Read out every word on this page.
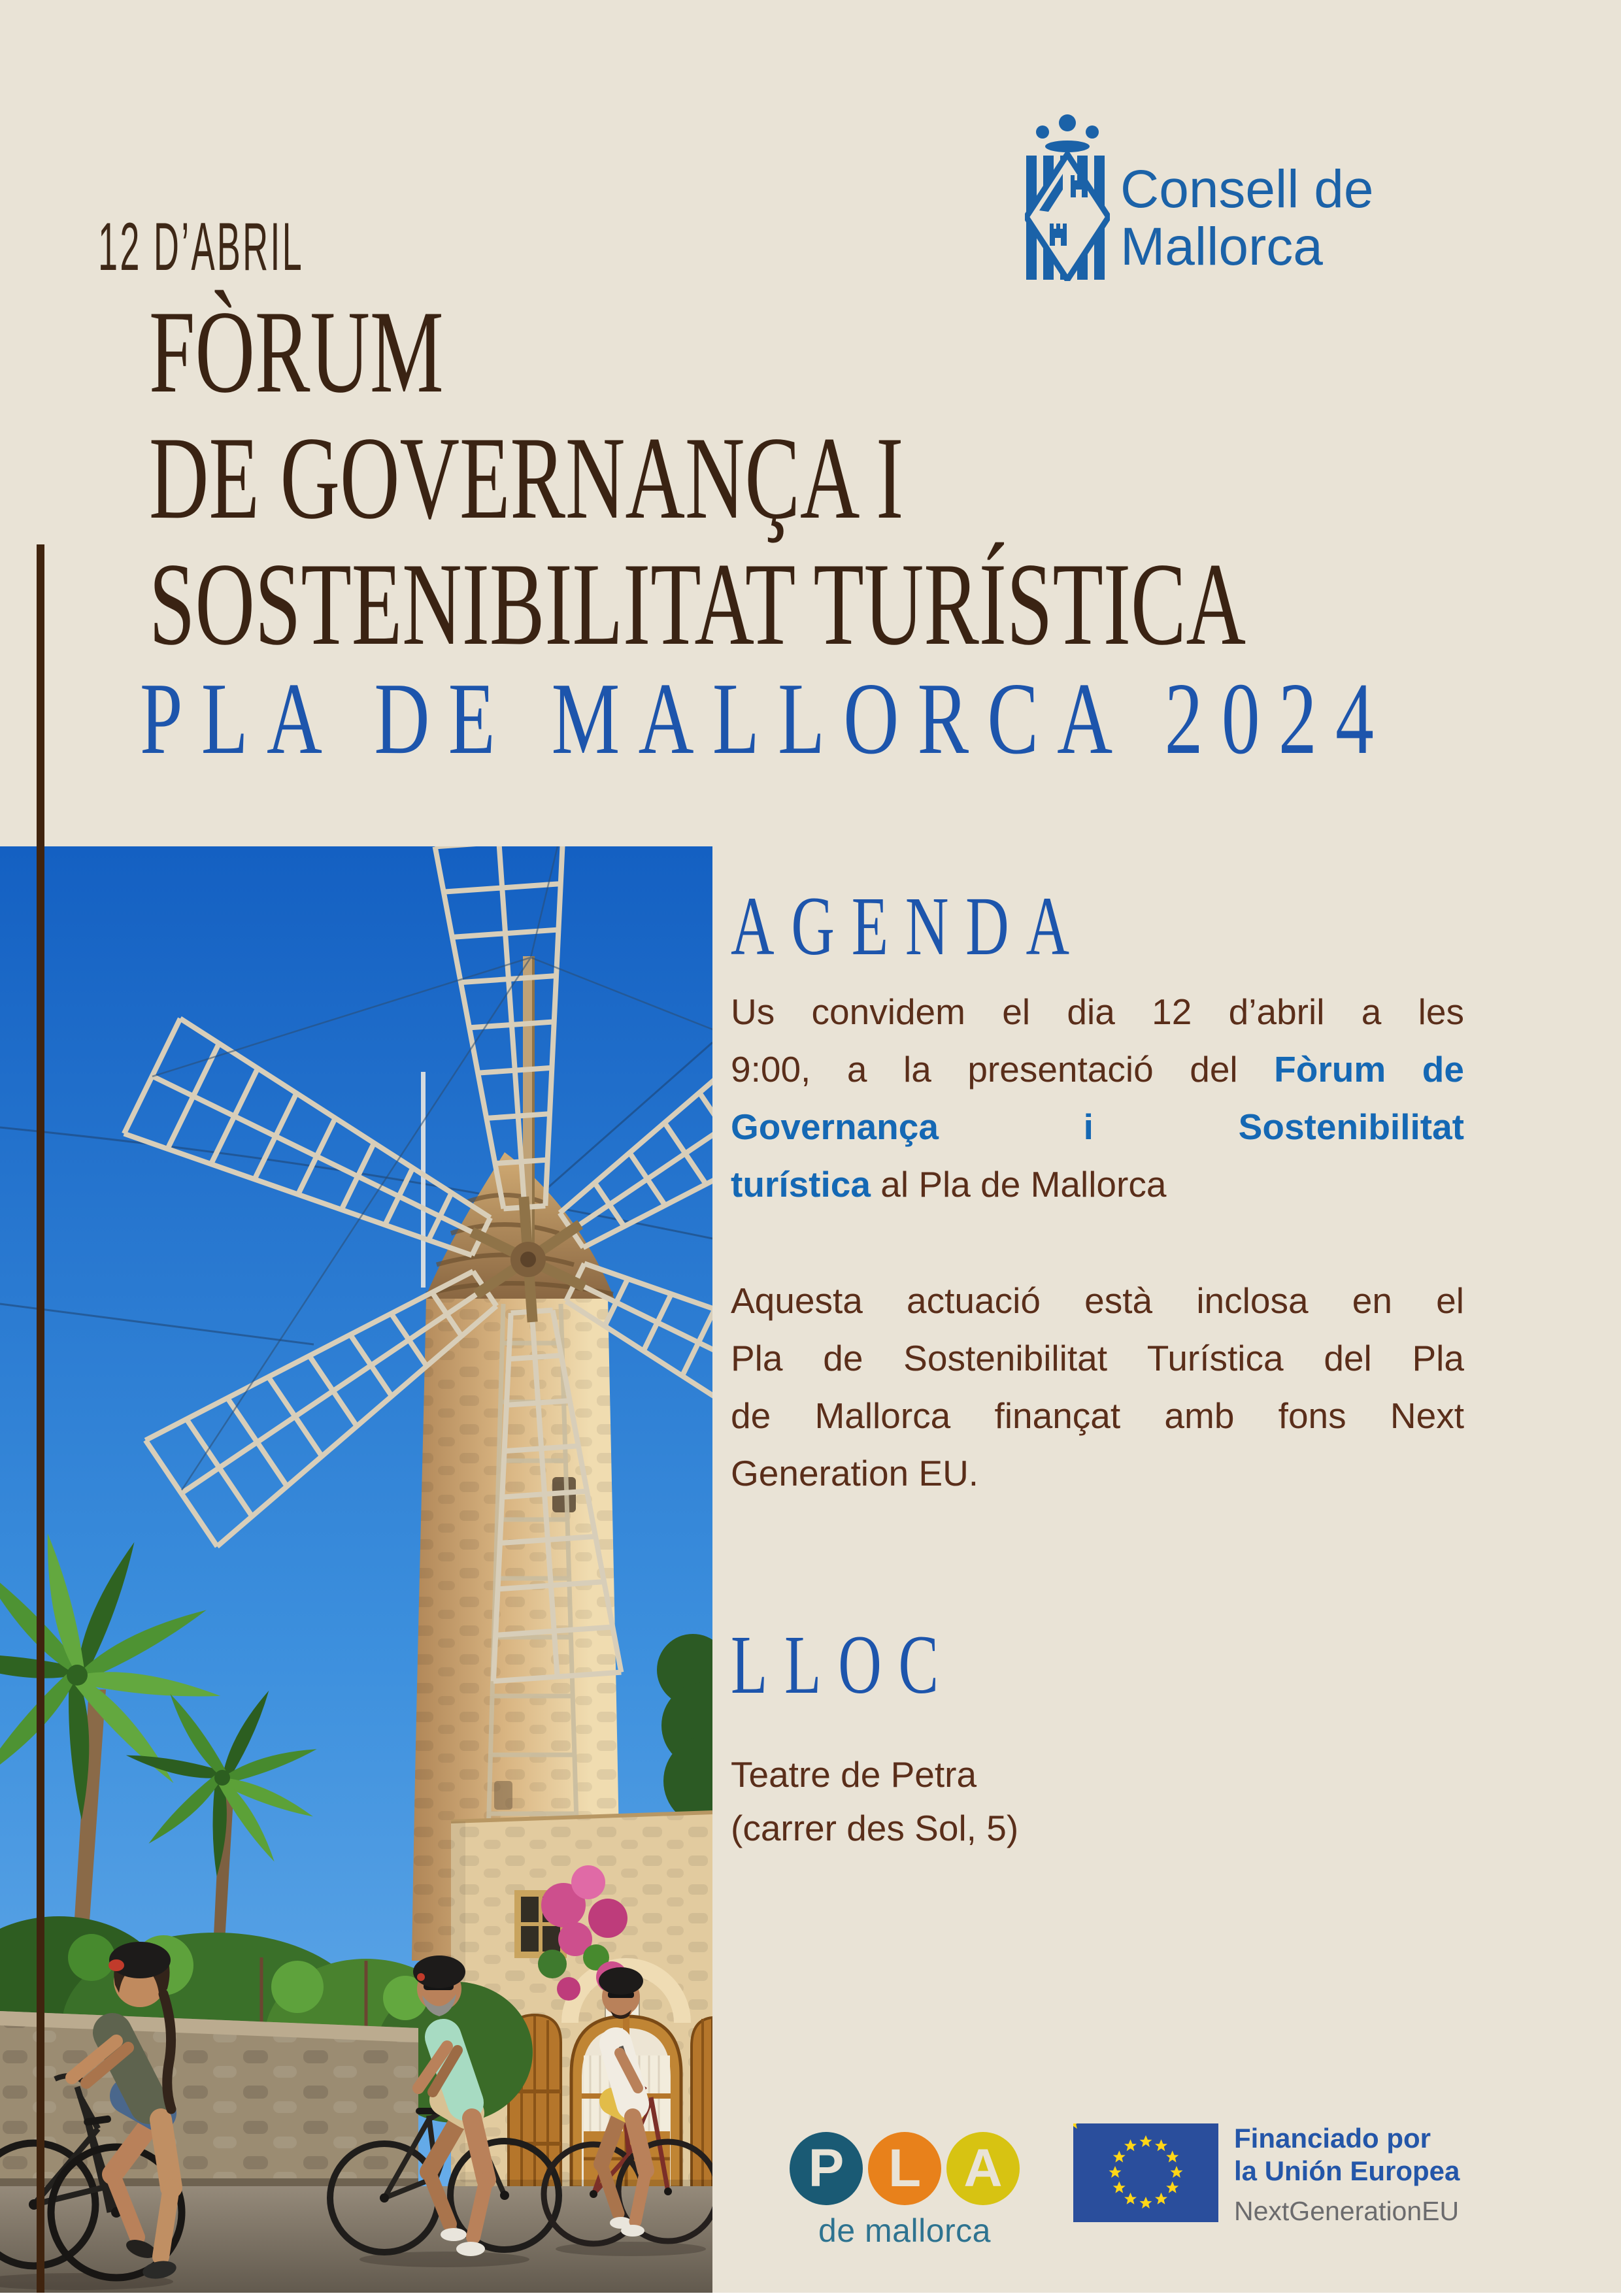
12 D’ABRIL
Consell de
Mallorca
FÒRUM
DE GOVERNANÇA I
SOSTENIBILITAT TURÍSTICA
PLA DE MALLORCA 2024
AGENDA
Us convidem el dia 12 d’abril a les
9:00, a la presentació del Fòrum de
Governança i Sostenibilitat
turística al Pla de Mallorca
Aquesta actuació està inclosa en el
Pla de Sostenibilitat Turística del Pla
de Mallorca finançat amb fons Next
Generation EU.
LLOC
Teatre de Petra
(carrer des Sol, 5)
P L A
de mallorca
Financiado por
la Unión Europea
NextGenerationEU
